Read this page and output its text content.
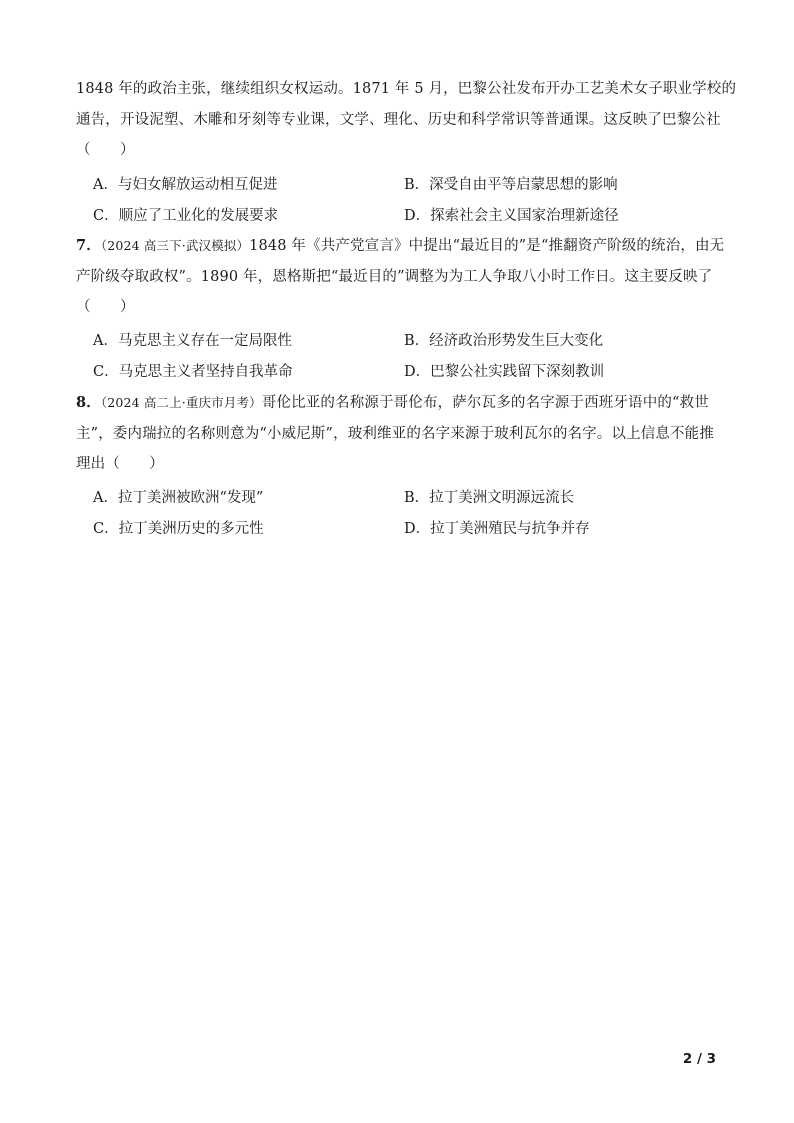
1848 年的政治主张，继续组织女权运动。1871 年 5 月，巴黎公社发布开办工艺美术女子职业学校的
通告，开设泥塑、木雕和牙刻等专业课，文学、理化、历史和科学常识等普通课。这反映了巴黎公社
（　　）
A．与妇女解放运动相互促进	B．深受自由平等启蒙思想的影响
C．顺应了工业化的发展要求	D．探索社会主义国家治理新途径
7．（2024 高三下·武汉模拟）1848 年《共产党宣言》中提出“最近目的”是“推翻资产阶级的统治，由无
产阶级夺取政权”。1890 年，恩格斯把“最近目的”调整为为工人争取八小时工作日。这主要反映了
（　　）
A．马克思主义存在一定局限性	B．经济政治形势发生巨大变化
C．马克思主义者坚持自我革命	D．巴黎公社实践留下深刻教训
8．（2024 高二上·重庆市月考）哥伦比亚的名称源于哥伦布，萨尔瓦多的名字源于西班牙语中的“救世
主”，委内瑞拉的名称则意为“小威尼斯”，玻利维亚的名字来源于玻利瓦尔的名字。以上信息不能推
理出（　　）
A．拉丁美洲被欧洲“发现”	B．拉丁美洲文明源远流长
C．拉丁美洲历史的多元性	D．拉丁美洲殖民与抗争并存
2 / 3
